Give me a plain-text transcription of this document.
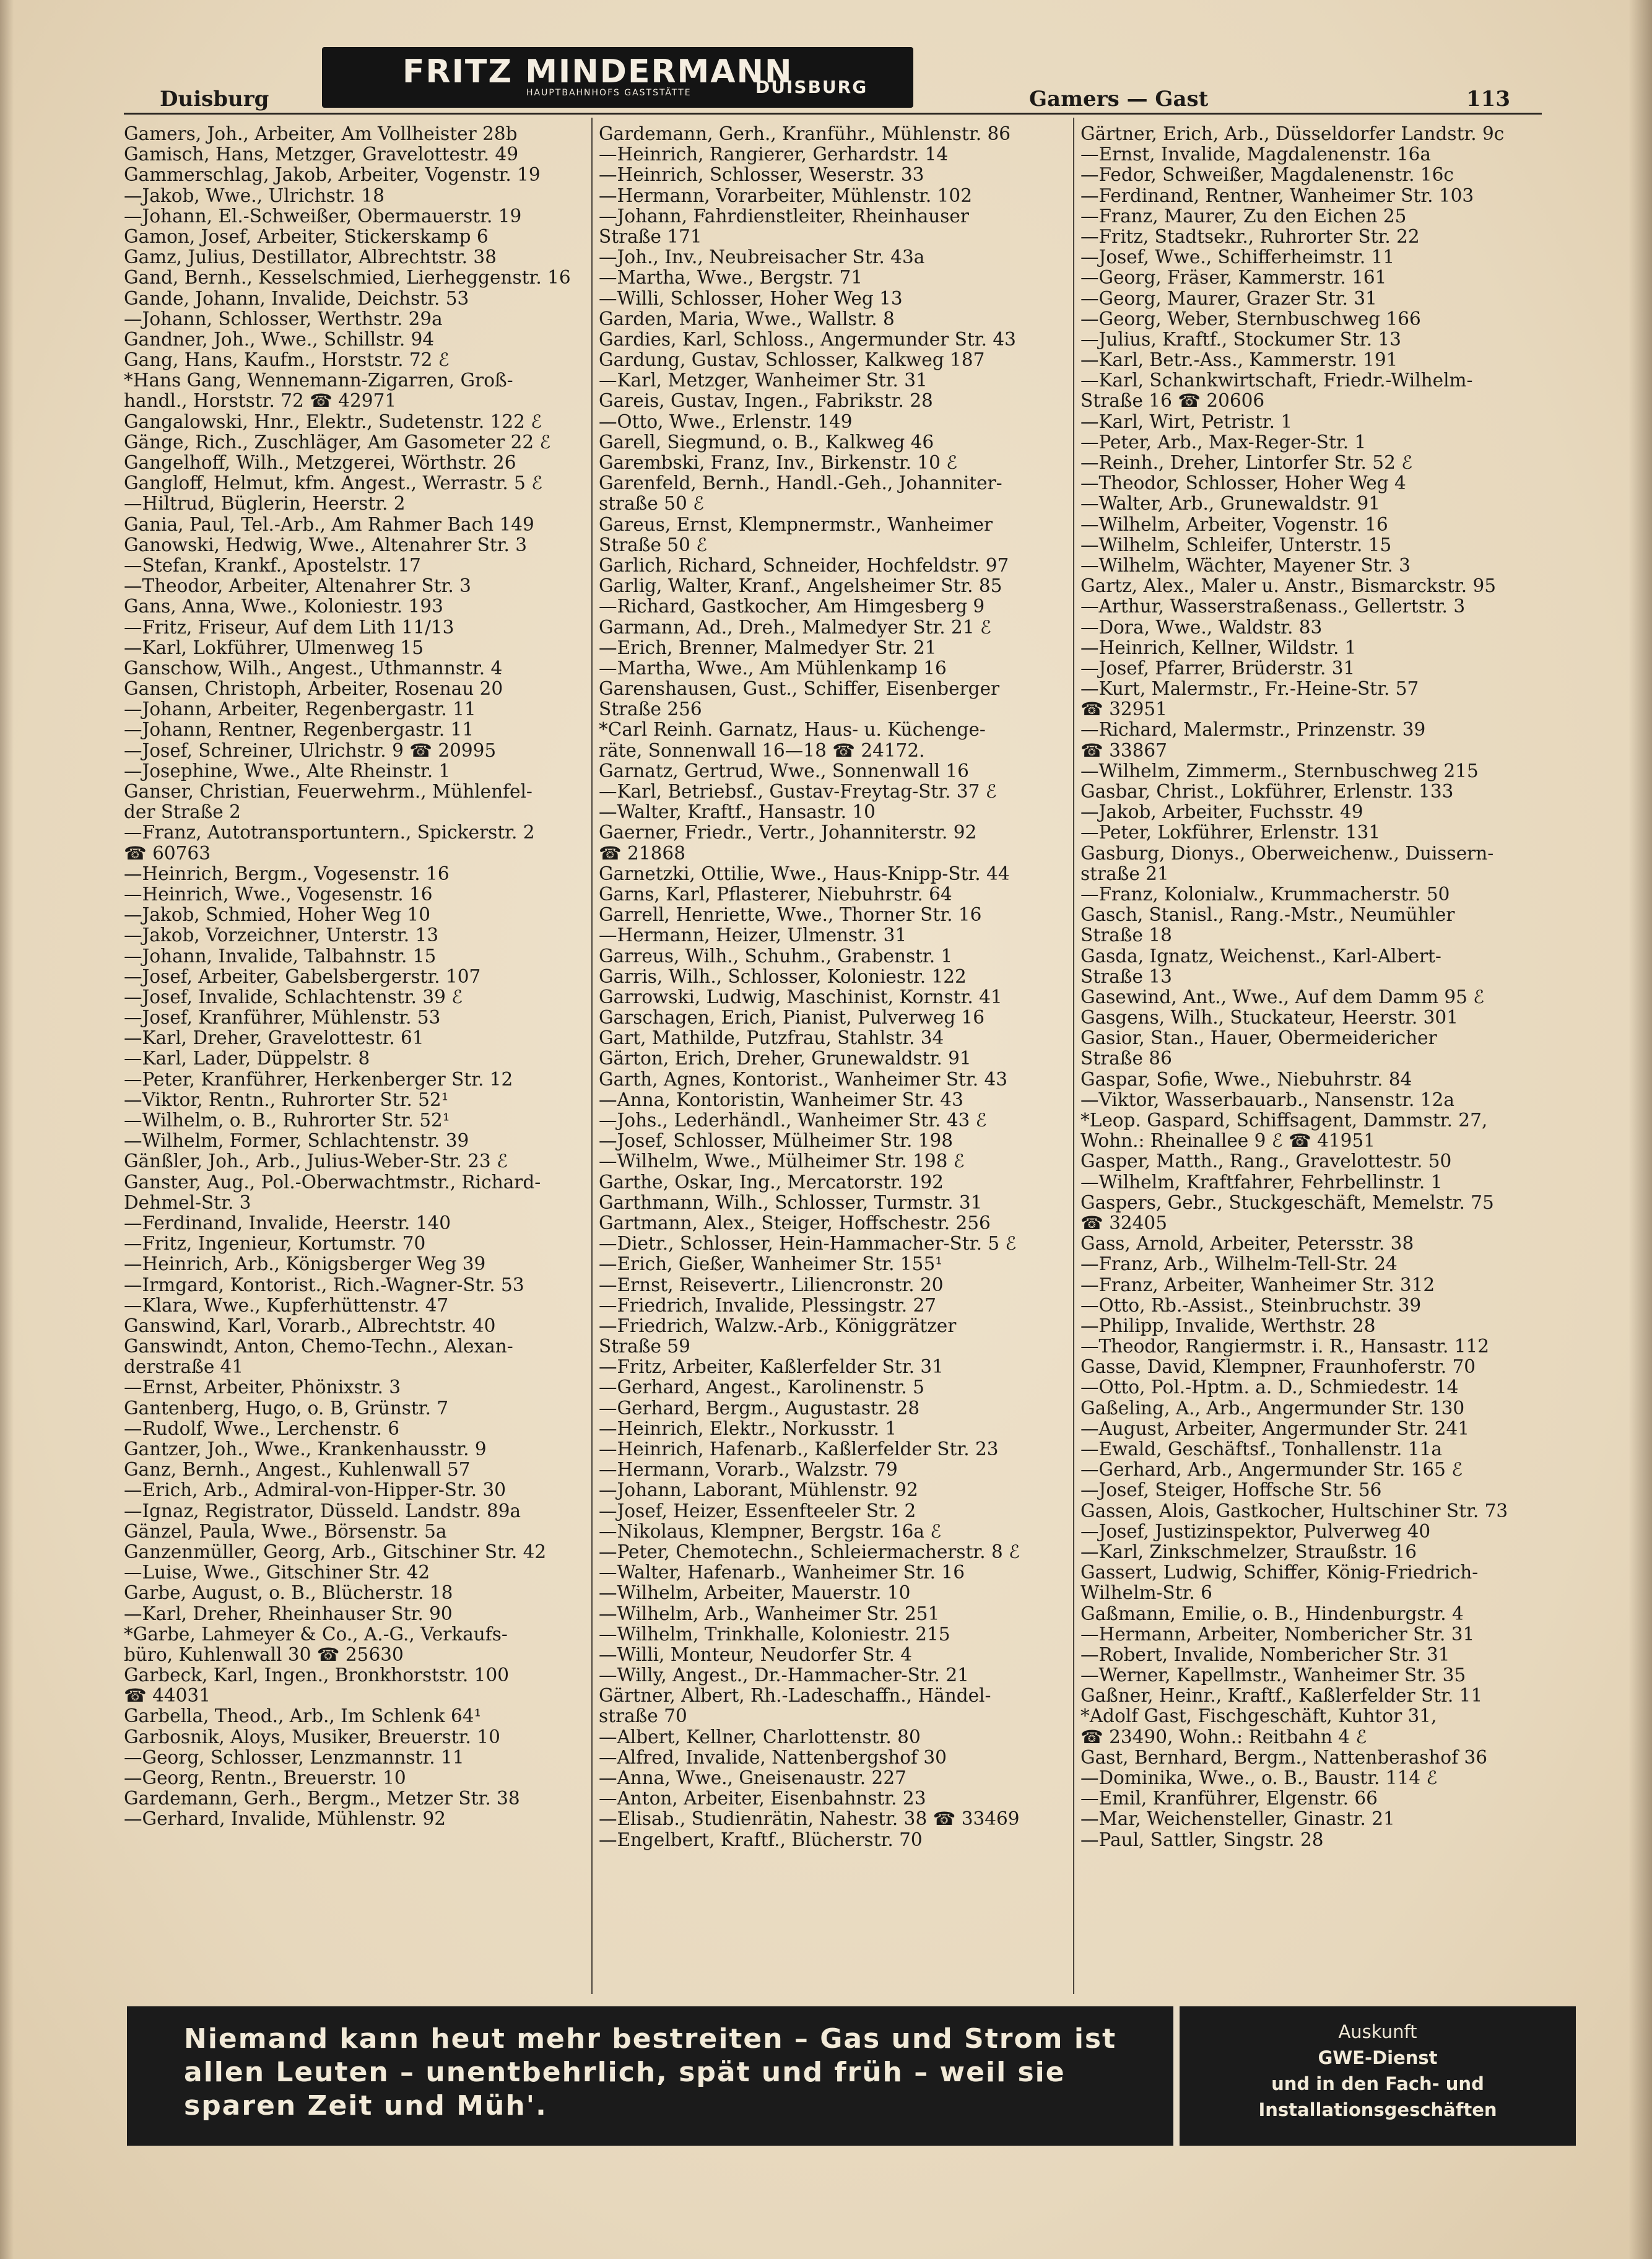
FRITZ MINDERMANN
HAUPTBAHNHOFS GASTSTÄTTE	DUISBURG
Duisburg	Gamers — Gast	113
Gamers, Joh., Arbeiter, Am Vollheister 28b
Gamisch, Hans, Metzger, Gravelottestr. 49
Gammerschlag, Jakob, Arbeiter, Vogenstr. 19
—Jakob, Wwe., Ulrichstr. 18
—Johann, El.-Schweißer, Obermauerstr. 19
Gamon, Josef, Arbeiter, Stickerskamp 6
Gamz, Julius, Destillator, Albrechtstr. 38
Gand, Bernh., Kesselschmied, Lierheggenstr. 16
Gande, Johann, Invalide, Deichstr. 53
—Johann, Schlosser, Werthstr. 29a
Gandner, Joh., Wwe., Schillstr. 94
Gang, Hans, Kaufm., Horststr. 72 ℰ
*Hans Gang, Wennemann-Zigarren, Groß-
handl., Horststr. 72 ☎ 42971
Gangalowski, Hnr., Elektr., Sudetenstr. 122 ℰ
Gänge, Rich., Zuschläger, Am Gasometer 22 ℰ
Gangelhoff, Wilh., Metzgerei, Wörthstr. 26
Gangloff, Helmut, kfm. Angest., Werrastr. 5 ℰ
—Hiltrud, Büglerin, Heerstr. 2
Gania, Paul, Tel.-Arb., Am Rahmer Bach 149
Ganowski, Hedwig, Wwe., Altenahrer Str. 3
—Stefan, Krankf., Apostelstr. 17
—Theodor, Arbeiter, Altenahrer Str. 3
Gans, Anna, Wwe., Koloniestr. 193
—Fritz, Friseur, Auf dem Lith 11/13
—Karl, Lokführer, Ulmenweg 15
Ganschow, Wilh., Angest., Uthmannstr. 4
Gansen, Christoph, Arbeiter, Rosenau 20
—Johann, Arbeiter, Regenbergastr. 11
—Johann, Rentner, Regenbergastr. 11
—Josef, Schreiner, Ulrichstr. 9 ☎ 20995
—Josephine, Wwe., Alte Rheinstr. 1
Ganser, Christian, Feuerwehrm., Mühlenfel-
der Straße 2
—Franz, Autotransportuntern., Spickerstr. 2
☎ 60763
—Heinrich, Bergm., Vogesenstr. 16
—Heinrich, Wwe., Vogesenstr. 16
—Jakob, Schmied, Hoher Weg 10
—Jakob, Vorzeichner, Unterstr. 13
—Johann, Invalide, Talbahnstr. 15
—Josef, Arbeiter, Gabelsbergerstr. 107
—Josef, Invalide, Schlachtenstr. 39 ℰ
—Josef, Kranführer, Mühlenstr. 53
—Karl, Dreher, Gravelottestr. 61
—Karl, Lader, Düppelstr. 8
—Peter, Kranführer, Herkenberger Str. 12
—Viktor, Rentn., Ruhrorter Str. 52¹
—Wilhelm, o. B., Ruhrorter Str. 52¹
—Wilhelm, Former, Schlachtenstr. 39
Gänßler, Joh., Arb., Julius-Weber-Str. 23 ℰ
Ganster, Aug., Pol.-Oberwachtmstr., Richard-
Dehmel-Str. 3
—Ferdinand, Invalide, Heerstr. 140
—Fritz, Ingenieur, Kortumstr. 70
—Heinrich, Arb., Königsberger Weg 39
—Irmgard, Kontorist., Rich.-Wagner-Str. 53
—Klara, Wwe., Kupferhüttenstr. 47
Ganswind, Karl, Vorarb., Albrechtstr. 40
Ganswindt, Anton, Chemo-Techn., Alexan-
derstraße 41
—Ernst, Arbeiter, Phönixstr. 3
Gantenberg, Hugo, o. B, Grünstr. 7
—Rudolf, Wwe., Lerchenstr. 6
Gantzer, Joh., Wwe., Krankenhausstr. 9
Ganz, Bernh., Angest., Kuhlenwall 57
—Erich, Arb., Admiral-von-Hipper-Str. 30
—Ignaz, Registrator, Düsseld. Landstr. 89a
Gänzel, Paula, Wwe., Börsenstr. 5a
Ganzenmüller, Georg, Arb., Gitschiner Str. 42
—Luise, Wwe., Gitschiner Str. 42
Garbe, August, o. B., Blücherstr. 18
—Karl, Dreher, Rheinhauser Str. 90
*Garbe, Lahmeyer & Co., A.-G., Verkaufs-
büro, Kuhlenwall 30 ☎ 25630
Garbeck, Karl, Ingen., Bronkhorststr. 100
☎ 44031
Garbella, Theod., Arb., Im Schlenk 64¹
Garbosnik, Aloys, Musiker, Breuerstr. 10
—Georg, Schlosser, Lenzmannstr. 11
—Georg, Rentn., Breuerstr. 10
Gardemann, Gerh., Bergm., Metzer Str. 38
—Gerhard, Invalide, Mühlenstr. 92
Gardemann, Gerh., Kranführ., Mühlenstr. 86
—Heinrich, Rangierer, Gerhardstr. 14
—Heinrich, Schlosser, Weserstr. 33
—Hermann, Vorarbeiter, Mühlenstr. 102
—Johann, Fahrdienstleiter, Rheinhauser
Straße 171
—Joh., Inv., Neubreisacher Str. 43a
—Martha, Wwe., Bergstr. 71
—Willi, Schlosser, Hoher Weg 13
Garden, Maria, Wwe., Wallstr. 8
Gardies, Karl, Schloss., Angermunder Str. 43
Gardung, Gustav, Schlosser, Kalkweg 187
—Karl, Metzger, Wanheimer Str. 31
Gareis, Gustav, Ingen., Fabrikstr. 28
—Otto, Wwe., Erlenstr. 149
Garell, Siegmund, o. B., Kalkweg 46
Garembski, Franz, Inv., Birkenstr. 10 ℰ
Garenfeld, Bernh., Handl.-Geh., Johanniter-
straße 50 ℰ
Gareus, Ernst, Klempnermstr., Wanheimer
Straße 50 ℰ
Garlich, Richard, Schneider, Hochfeldstr. 97
Garlig, Walter, Kranf., Angelsheimer Str. 85
—Richard, Gastkocher, Am Himgesberg 9
Garmann, Ad., Dreh., Malmedyer Str. 21 ℰ
—Erich, Brenner, Malmedyer Str. 21
—Martha, Wwe., Am Mühlenkamp 16
Garenshausen, Gust., Schiffer, Eisenberger
Straße 256
*Carl Reinh. Garnatz, Haus- u. Küchenge-
räte, Sonnenwall 16—18 ☎ 24172.
Garnatz, Gertrud, Wwe., Sonnenwall 16
—Karl, Betriebsf., Gustav-Freytag-Str. 37 ℰ
—Walter, Kraftf., Hansastr. 10
Gaerner, Friedr., Vertr., Johanniterstr. 92
☎ 21868
Garnetzki, Ottilie, Wwe., Haus-Knipp-Str. 44
Garns, Karl, Pflasterer, Niebuhrstr. 64
Garrell, Henriette, Wwe., Thorner Str. 16
—Hermann, Heizer, Ulmenstr. 31
Garreus, Wilh., Schuhm., Grabenstr. 1
Garris, Wilh., Schlosser, Koloniestr. 122
Garrowski, Ludwig, Maschinist, Kornstr. 41
Garschagen, Erich, Pianist, Pulverweg 16
Gart, Mathilde, Putzfrau, Stahlstr. 34
Gärton, Erich, Dreher, Grunewaldstr. 91
Garth, Agnes, Kontorist., Wanheimer Str. 43
—Anna, Kontoristin, Wanheimer Str. 43
—Johs., Lederhändl., Wanheimer Str. 43 ℰ
—Josef, Schlosser, Mülheimer Str. 198
—Wilhelm, Wwe., Mülheimer Str. 198 ℰ
Garthe, Oskar, Ing., Mercatorstr. 192
Garthmann, Wilh., Schlosser, Turmstr. 31
Gartmann, Alex., Steiger, Hoffschestr. 256
—Dietr., Schlosser, Hein-Hammacher-Str. 5 ℰ
—Erich, Gießer, Wanheimer Str. 155¹
—Ernst, Reisevertr., Liliencronstr. 20
—Friedrich, Invalide, Plessingstr. 27
—Friedrich, Walzw.-Arb., Königgrätzer
Straße 59
—Fritz, Arbeiter, Kaßlerfelder Str. 31
—Gerhard, Angest., Karolinenstr. 5
—Gerhard, Bergm., Augustastr. 28
—Heinrich, Elektr., Norkusstr. 1
—Heinrich, Hafenarb., Kaßlerfelder Str. 23
—Hermann, Vorarb., Walzstr. 79
—Johann, Laborant, Mühlenstr. 92
—Josef, Heizer, Essenfteeler Str. 2
—Nikolaus, Klempner, Bergstr. 16a ℰ
—Peter, Chemotechn., Schleiermacherstr. 8 ℰ
—Walter, Hafenarb., Wanheimer Str. 16
—Wilhelm, Arbeiter, Mauerstr. 10
—Wilhelm, Arb., Wanheimer Str. 251
—Wilhelm, Trinkhalle, Koloniestr. 215
—Willi, Monteur, Neudorfer Str. 4
—Willy, Angest., Dr.-Hammacher-Str. 21
Gärtner, Albert, Rh.-Ladeschaffn., Händel-
straße 70
—Albert, Kellner, Charlottenstr. 80
—Alfred, Invalide, Nattenbergshof 30
—Anna, Wwe., Gneisenaustr. 227
—Anton, Arbeiter, Eisenbahnstr. 23
—Elisab., Studienrätin, Nahestr. 38 ☎ 33469
—Engelbert, Kraftf., Blücherstr. 70
Gärtner, Erich, Arb., Düsseldorfer Landstr. 9c
—Ernst, Invalide, Magdalenenstr. 16a
—Fedor, Schweißer, Magdalenenstr. 16c
—Ferdinand, Rentner, Wanheimer Str. 103
—Franz, Maurer, Zu den Eichen 25
—Fritz, Stadtsekr., Ruhrorter Str. 22
—Josef, Wwe., Schifferheimstr. 11
—Georg, Fräser, Kammerstr. 161
—Georg, Maurer, Grazer Str. 31
—Georg, Weber, Sternbuschweg 166
—Julius, Kraftf., Stockumer Str. 13
—Karl, Betr.-Ass., Kammerstr. 191
—Karl, Schankwirtschaft, Friedr.-Wilhelm-
Straße 16 ☎ 20606
—Karl, Wirt, Petristr. 1
—Peter, Arb., Max-Reger-Str. 1
—Reinh., Dreher, Lintorfer Str. 52 ℰ
—Theodor, Schlosser, Hoher Weg 4
—Walter, Arb., Grunewaldstr. 91
—Wilhelm, Arbeiter, Vogenstr. 16
—Wilhelm, Schleifer, Unterstr. 15
—Wilhelm, Wächter, Mayener Str. 3
Gartz, Alex., Maler u. Anstr., Bismarckstr. 95
—Arthur, Wasserstraßenass., Gellertstr. 3
—Dora, Wwe., Waldstr. 83
—Heinrich, Kellner, Wildstr. 1
—Josef, Pfarrer, Brüderstr. 31
—Kurt, Malermstr., Fr.-Heine-Str. 57
☎ 32951
—Richard, Malermstr., Prinzenstr. 39
☎ 33867
—Wilhelm, Zimmerm., Sternbuschweg 215
Gasbar, Christ., Lokführer, Erlenstr. 133
—Jakob, Arbeiter, Fuchsstr. 49
—Peter, Lokführer, Erlenstr. 131
Gasburg, Dionys., Oberweichenw., Duissern-
straße 21
—Franz, Kolonialw., Krummacherstr. 50
Gasch, Stanisl., Rang.-Mstr., Neumühler
Straße 18
Gasda, Ignatz, Weichenst., Karl-Albert-
Straße 13
Gasewind, Ant., Wwe., Auf dem Damm 95 ℰ
Gasgens, Wilh., Stuckateur, Heerstr. 301
Gasior, Stan., Hauer, Obermeidericher
Straße 86
Gaspar, Sofie, Wwe., Niebuhrstr. 84
—Viktor, Wasserbauarb., Nansenstr. 12a
*Leop. Gaspard, Schiffsagent, Dammstr. 27,
Wohn.: Rheinallee 9 ℰ ☎ 41951
Gasper, Matth., Rang., Gravelottestr. 50
—Wilhelm, Kraftfahrer, Fehrbellinstr. 1
Gaspers, Gebr., Stuckgeschäft, Memelstr. 75
☎ 32405
Gass, Arnold, Arbeiter, Petersstr. 38
—Franz, Arb., Wilhelm-Tell-Str. 24
—Franz, Arbeiter, Wanheimer Str. 312
—Otto, Rb.-Assist., Steinbruchstr. 39
—Philipp, Invalide, Werthstr. 28
—Theodor, Rangiermstr. i. R., Hansastr. 112
Gasse, David, Klempner, Fraunhoferstr. 70
—Otto, Pol.-Hptm. a. D., Schmiedestr. 14
Gaßeling, A., Arb., Angermunder Str. 130
—August, Arbeiter, Angermunder Str. 241
—Ewald, Geschäftsf., Tonhallenstr. 11a
—Gerhard, Arb., Angermunder Str. 165 ℰ
—Josef, Steiger, Hoffsche Str. 56
Gassen, Alois, Gastkocher, Hultschiner Str. 73
—Josef, Justizinspektor, Pulverweg 40
—Karl, Zinkschmelzer, Straußstr. 16
Gassert, Ludwig, Schiffer, König-Friedrich-
Wilhelm-Str. 6
Gaßmann, Emilie, o. B., Hindenburgstr. 4
—Hermann, Arbeiter, Nombericher Str. 31
—Robert, Invalide, Nombericher Str. 31
—Werner, Kapellmstr., Wanheimer Str. 35
Gaßner, Heinr., Kraftf., Kaßlerfelder Str. 11
*Adolf Gast, Fischgeschäft, Kuhtor 31,
☎ 23490, Wohn.: Reitbahn 4 ℰ
Gast, Bernhard, Bergm., Nattenberashof 36
—Dominika, Wwe., o. B., Baustr. 114 ℰ
—Emil, Kranführer, Elgenstr. 66
—Mar, Weichensteller, Ginastr. 21
—Paul, Sattler, Singstr. 28
Niemand kann heut mehr bestreiten – Gas und Strom ist
allen Leuten – unentbehrlich, spät und früh – weil sie
sparen Zeit und Müh'.
Auskunft
GWE-Dienst
und in den Fach- und
Installationsgeschäften
